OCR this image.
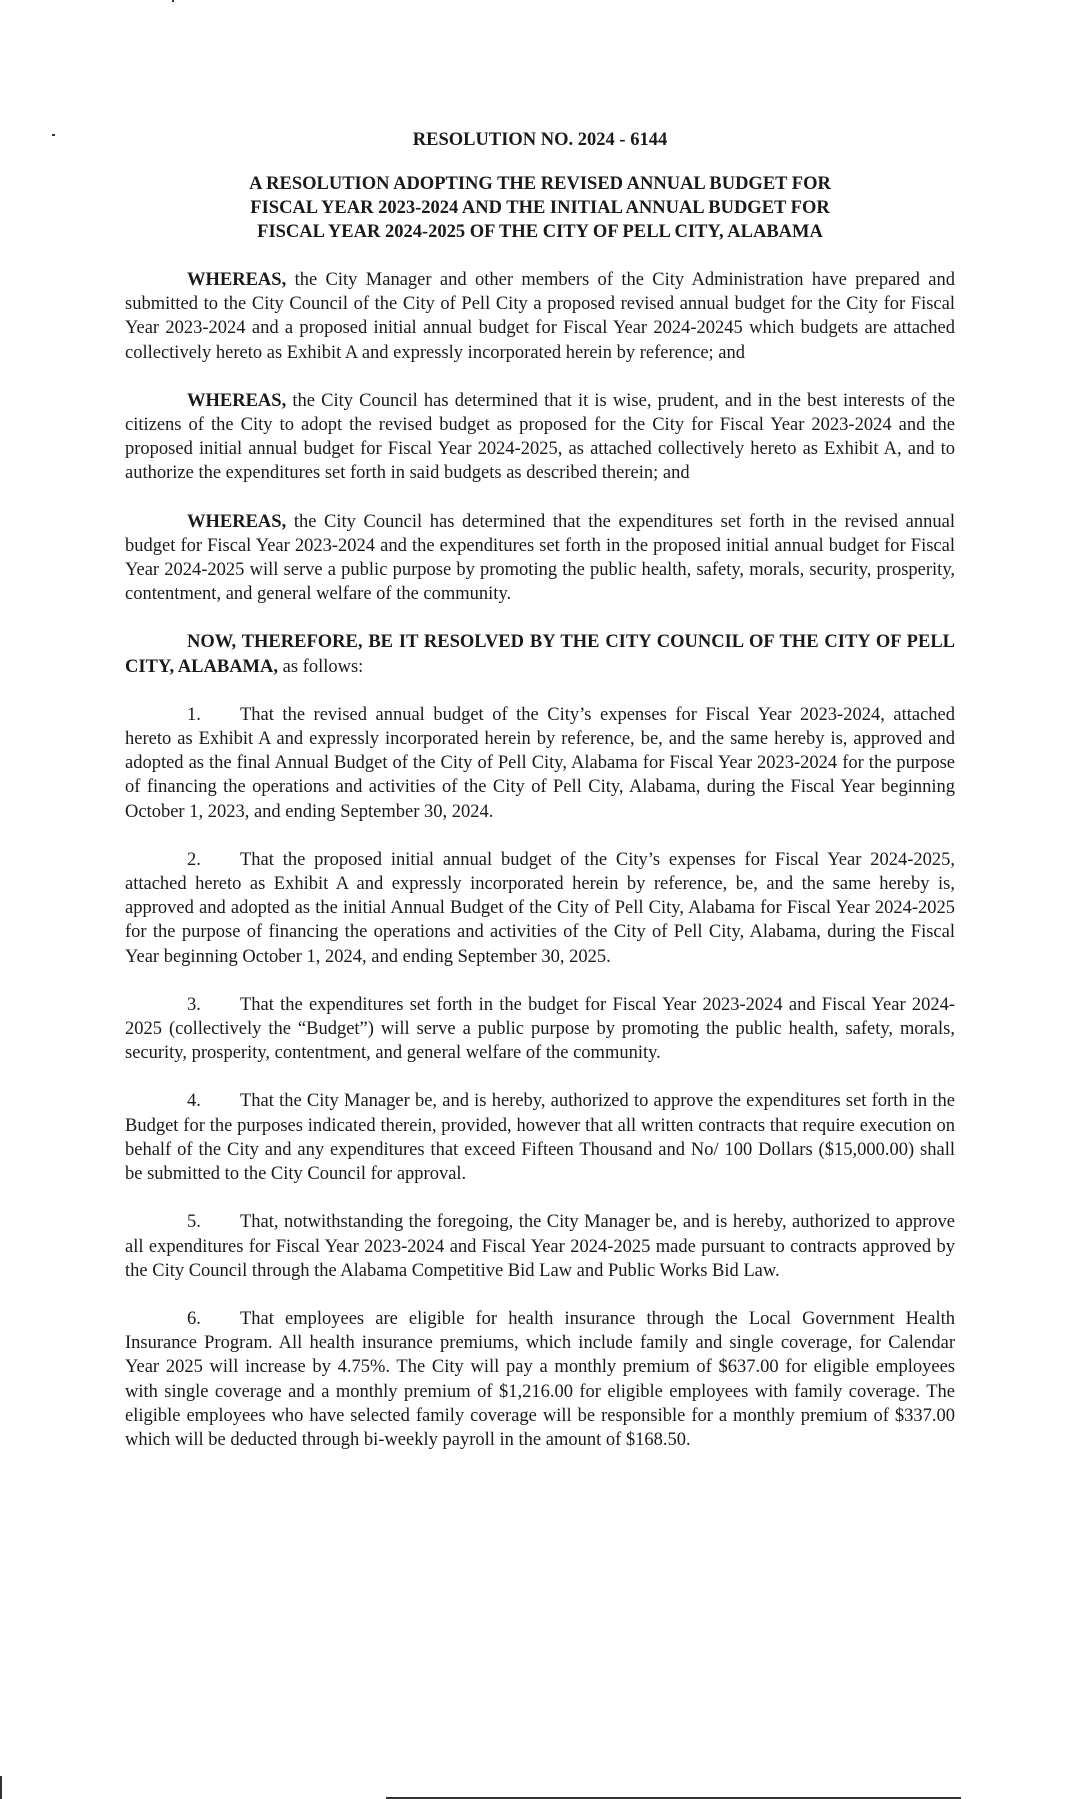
RESOLUTION NO. 2024 - 6144

A RESOLUTION ADOPTING THE REVISED ANNUAL BUDGET FOR
FISCAL YEAR 2023-2024 AND THE INITIAL ANNUAL BUDGET FOR
FISCAL YEAR 2024-2025 OF THE CITY OF PELL CITY, ALABAMA

WHEREAS, the City Manager and other members of the City Administration have prepared and submitted to the City Council of the City of Pell City a proposed revised annual budget for the City for Fiscal Year 2023-2024 and a proposed initial annual budget for Fiscal Year 2024-20245 which budgets are attached collectively hereto as Exhibit A and expressly incorporated herein by reference; and

WHEREAS, the City Council has determined that it is wise, prudent, and in the best interests of the citizens of the City to adopt the revised budget as proposed for the City for Fiscal Year 2023-2024 and the proposed initial annual budget for Fiscal Year 2024-2025, as attached collectively hereto as Exhibit A, and to authorize the expenditures set forth in said budgets as described therein; and

WHEREAS, the City Council has determined that the expenditures set forth in the revised annual budget for Fiscal Year 2023-2024 and the expenditures set forth in the proposed initial annual budget for Fiscal Year 2024-2025 will serve a public purpose by promoting the public health, safety, morals, security, prosperity, contentment, and general welfare of the community.

NOW, THEREFORE, BE IT RESOLVED BY THE CITY COUNCIL OF THE CITY OF PELL CITY, ALABAMA, as follows:

1. That the revised annual budget of the City’s expenses for Fiscal Year 2023-2024, attached hereto as Exhibit A and expressly incorporated herein by reference, be, and the same hereby is, approved and adopted as the final Annual Budget of the City of Pell City, Alabama for Fiscal Year 2023-2024 for the purpose of financing the operations and activities of the City of Pell City, Alabama, during the Fiscal Year beginning October 1, 2023, and ending September 30, 2024.

2. That the proposed initial annual budget of the City’s expenses for Fiscal Year 2024-2025, attached hereto as Exhibit A and expressly incorporated herein by reference, be, and the same hereby is, approved and adopted as the initial Annual Budget of the City of Pell City, Alabama for Fiscal Year 2024-2025 for the purpose of financing the operations and activities of the City of Pell City, Alabama, during the Fiscal Year beginning October 1, 2024, and ending September 30, 2025.

3. That the expenditures set forth in the budget for Fiscal Year 2023-2024 and Fiscal Year 2024-2025 (collectively the “Budget”) will serve a public purpose by promoting the public health, safety, morals, security, prosperity, contentment, and general welfare of the community.

4. That the City Manager be, and is hereby, authorized to approve the expenditures set forth in the Budget for the purposes indicated therein, provided, however that all written contracts that require execution on behalf of the City and any expenditures that exceed Fifteen Thousand and No/ 100 Dollars ($15,000.00) shall be submitted to the City Council for approval.

5. That, notwithstanding the foregoing, the City Manager be, and is hereby, authorized to approve all expenditures for Fiscal Year 2023-2024 and Fiscal Year 2024-2025 made pursuant to contracts approved by the City Council through the Alabama Competitive Bid Law and Public Works Bid Law.

6. That employees are eligible for health insurance through the Local Government Health Insurance Program. All health insurance premiums, which include family and single coverage, for Calendar Year 2025 will increase by 4.75%. The City will pay a monthly premium of $637.00 for eligible employees with single coverage and a monthly premium of $1,216.00 for eligible employees with family coverage. The eligible employees who have selected family coverage will be responsible for a monthly premium of $337.00 which will be deducted through bi-weekly payroll in the amount of $168.50.
